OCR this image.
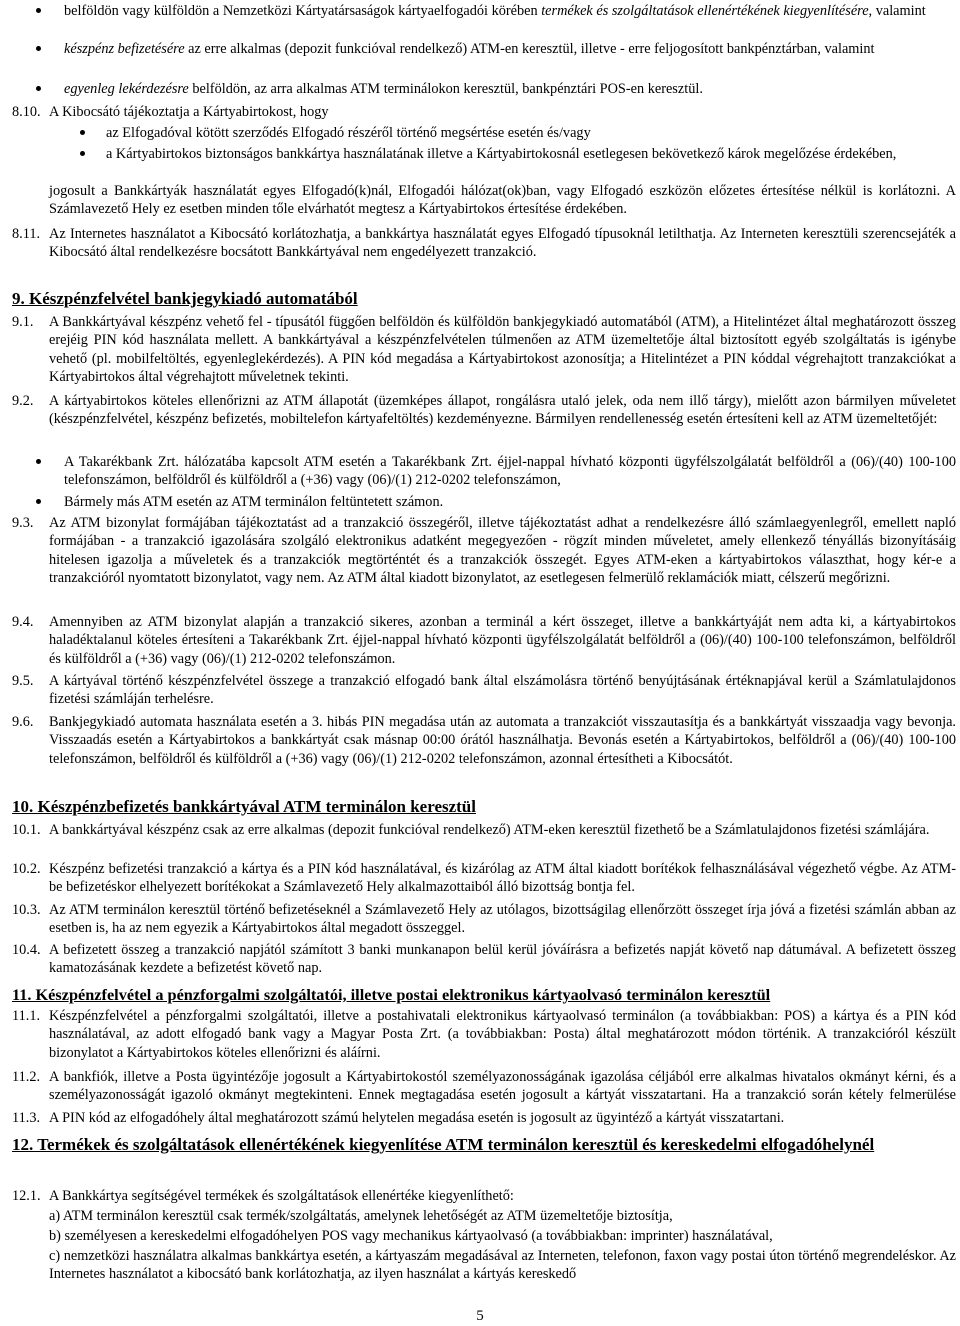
belföldön vagy külföldön a Nemzetközi Kártyatársaságok kártyaelfogadói körében termékek és szolgáltatások ellenértékének kiegyenlítésére, valamint
készpénz befizetésére az erre alkalmas (depozit funkcióval rendelkező) ATM-en keresztül, illetve - erre feljogosított bankpénztárban, valamint
egyenleg lekérdezésre belföldön, az arra alkalmas ATM terminálokon keresztül, bankpénztári POS-en keresztül.
8.10. A Kibocsátó tájékoztatja a Kártyabirtokost, hogy
az Elfogadóval kötött szerződés Elfogadó részéről történő megsértése esetén és/vagy
a Kártyabirtokos biztonságos bankkártya használatának illetve a Kártyabirtokosnál esetlegesen bekövetkező károk megelőzése érdekében,
jogosult a Bankkártyák használatát egyes Elfogadó(k)nál, Elfogadói hálózat(ok)ban, vagy Elfogadó eszközön előzetes értesítése nélkül is korlátozni. A Számlavezető Hely ez esetben minden tőle elvárhatót megtesz a Kártyabirtokos értesítése érdekében.
8.11. Az Internetes használatot a Kibocsátó korlátozhatja, a bankkártya használatát egyes Elfogadó típusoknál letilthatja. Az Interneten keresztüli szerencsejáték a Kibocsátó által rendelkezésre bocsátott Bankkártyával nem engedélyezett tranzakció.
9. Készpénzfelvétel bankjegykiadó automatából
9.1. A Bankkártyával készpénz vehető fel - típusától függően belföldön és külföldön bankjegykiadó automatából (ATM), a Hitelintézet által meghatározott összeg erejéig PIN kód használata mellett. A bankkártyával a készpénzfelvételen túlmenően az ATM üzemeltetője által biztosított egyéb szolgáltatás is igénybe vehető (pl. mobilfeltöltés, egyenleglekérdezés). A PIN kód megadása a Kártyabirtokost azonosítja; a Hitelintézet a PIN kóddal végrehajtott tranzakciókat a Kártyabirtokos által végrehajtott műveletnek tekinti.
9.2. A kártyabirtokos köteles ellenőrizni az ATM állapotát (üzemképes állapot, rongálásra utaló jelek, oda nem illő tárgy), mielőtt azon bármilyen műveletet (készpénzfelvétel, készpénz befizetés, mobiltelefon kártyafeltöltés) kezdeményezne. Bármilyen rendellenesség esetén értesíteni kell az ATM üzemeltetőjét:
A Takarékbank Zrt. hálózatába kapcsolt ATM esetén a Takarékbank Zrt. éjjel-nappal hívható központi ügyfélszolgálatát belföldről a (06)/(40) 100-100 telefonszámon, belföldről és külföldről a (+36) vagy (06)/(1) 212-0202 telefonszámon,
Bármely más ATM esetén az ATM terminálon feltüntetett számon.
9.3. Az ATM bizonylat formájában tájékoztatást ad a tranzakció összegéről, illetve tájékoztatást adhat a rendelkezésre álló számlaegyenlegről, emellett napló formájában - a tranzakció igazolására szolgáló elektronikus adatként megegyezően - rögzít minden műveletet, amely ellenkező tényállás bizonyításáig hitelesen igazolja a műveletek és a tranzakciók megtörténtét és a tranzakciók összegét. Egyes ATM-eken a kártyabirtokos választhat, hogy kér-e a tranzakcióról nyomtatott bizonylatot, vagy nem. Az ATM által kiadott bizonylatot, az esetlegesen felmerülő reklamációk miatt, célszerű megőrizni.
9.4. Amennyiben az ATM bizonylat alapján a tranzakció sikeres, azonban a terminál a kért összeget, illetve a bankkártyáját nem adta ki, a kártyabirtokos haladéktalanul köteles értesíteni a Takarékbank Zrt. éjjel-nappal hívható központi ügyfélszolgálatát belföldről a (06)/(40) 100-100 telefonszámon, belföldről és külföldről a (+36) vagy (06)/(1) 212-0202 telefonszámon.
9.5. A kártyával történő készpénzfelvétel összege a tranzakció elfogadó bank által elszámolásra történő benyújtásának értéknapjával kerül a Számlatulajdonos fizetési számláján terhelésre.
9.6. Bankjegykiadó automata használata esetén a 3. hibás PIN megadása után az automata a tranzakciót visszautasítja és a bankkártyát visszaadja vagy bevonja. Visszaadás esetén a Kártyabirtokos a bankkártyát csak másnap 00:00 órától használhatja. Bevonás esetén a Kártyabirtokos, belföldről a (06)/(40) 100-100 telefonszámon, belföldről és külföldről a (+36) vagy (06)/(1) 212-0202 telefonszámon, azonnal értesítheti a Kibocsátót.
10. Készpénzbefizetés bankkártyával ATM terminálon keresztül
10.1. A bankkártyával készpénz csak az erre alkalmas (depozit funkcióval rendelkező) ATM-eken keresztül fizethető be a Számlatulajdonos fizetési számlájára.
10.2. Készpénz befizetési tranzakció a kártya és a PIN kód használatával, és kizárólag az ATM által kiadott borítékok felhasználásával végezhető végbe. Az ATM-be befizetéskor elhelyezett borítékokat a Számlavezető Hely alkalmazottaiból álló bizottság bontja fel.
10.3. Az ATM terminálon keresztül történő befizetéseknél a Számlavezető Hely az utólagos, bizottságilag ellenőrzött összeget írja jóvá a fizetési számlán abban az esetben is, ha az nem egyezik a Kártyabirtokos által megadott összeggel.
10.4. A befizetett összeg a tranzakció napjától számított 3 banki munkanapon belül kerül jóváírásra a befizetés napját követő nap dátumával. A befizetett összeg kamatozásának kezdete a befizetést követő nap.
11. Készpénzfelvétel a pénzforgalmi szolgáltatói, illetve postai elektronikus kártyaolvasó terminálon keresztül
11.1. Készpénzfelvétel a pénzforgalmi szolgáltatói, illetve a postahivatali elektronikus kártyaolvasó terminálon (a továbbiakban: POS) a kártya és a PIN kód használatával, az adott elfogadó bank vagy a Magyar Posta Zrt. (a továbbiakban: Posta) által meghatározott módon történik. A tranzakcióról készült bizonylatot a Kártyabirtokos köteles ellenőrizni és aláírni.
11.2. A bankfiók, illetve a Posta ügyintézője jogosult a Kártyabirtokostól személyazonosságának igazolása céljából erre alkalmas hivatalos okmányt kérni, és a személyazonosságát igazoló okmányt megtekinteni. Ennek megtagadása esetén jogosult a kártyát visszatartani. Ha a tranzakció során kétely felmerülése
11.3. A PIN kód az elfogadóhely által meghatározott számú helytelen megadása esetén is jogosult az ügyintéző a kártyát visszatartani.
12. Termékek és szolgáltatások ellenértékének kiegyenlítése ATM terminálon keresztül és kereskedelmi elfogadóhelynél
12.1. A Bankkártya segítségével termékek és szolgáltatások ellenértéke kiegyenlíthető:
a) ATM terminálon keresztül csak termék/szolgáltatás, amelynek lehetőségét az ATM üzemeltetője biztosítja,
b) személyesen a kereskedelmi elfogadóhelyen POS vagy mechanikus kártyaolvasó (a továbbiakban: imprinter) használatával,
c) nemzetközi használatra alkalmas bankkártya esetén, a kártyaszám megadásával az Interneten, telefonon, faxon vagy postai úton történő megrendeléskor. Az Internetes használatot a kibocsátó bank korlátozhatja, az ilyen használat a kártyás kereskedő
5
